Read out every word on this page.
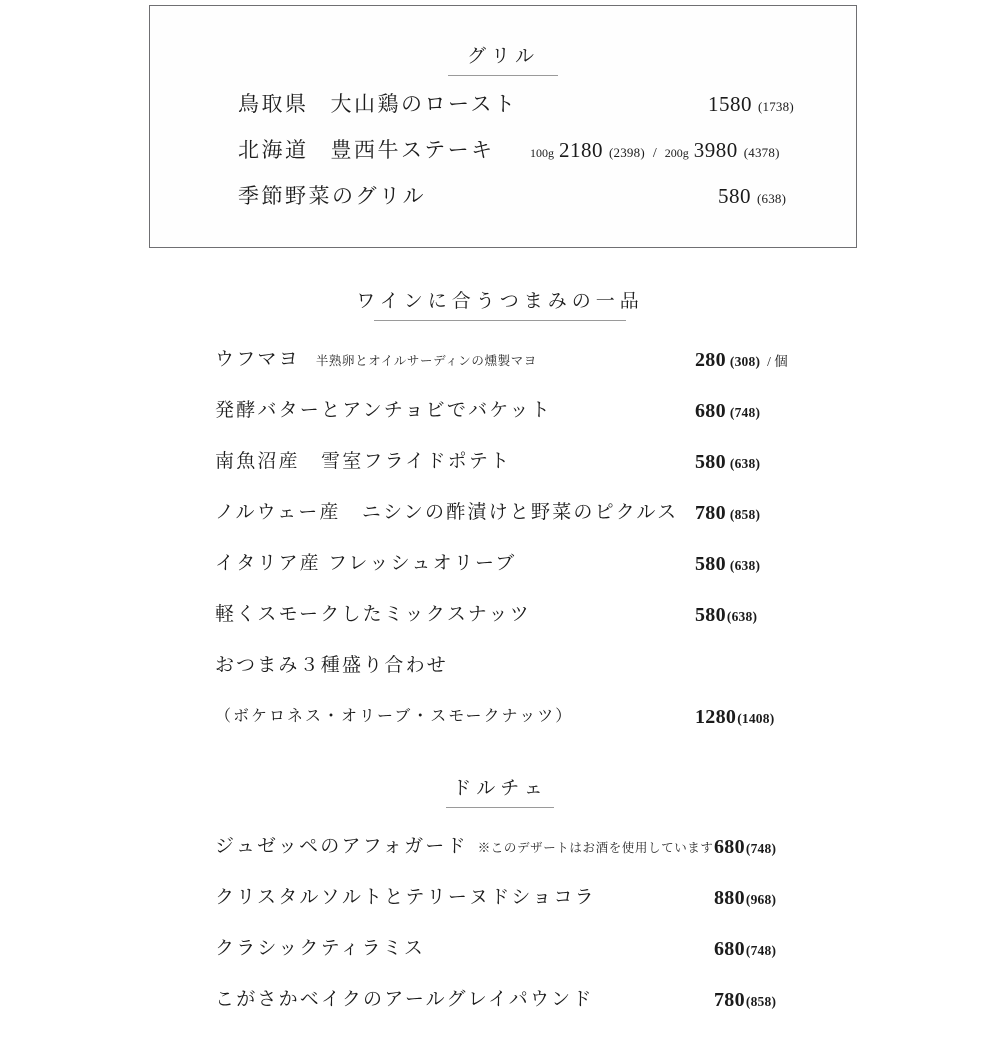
グリル
鳥取県 大山鶏のロースト	1580 (1738)
北海道 豊西牛ステーキ	100g 2180 (2398) / 200g 3980 (4378)
季節野菜のグリル	580 (638)
ワインに合うつまみの一品
ウフマヨ 半熟卵とオイルサーディンの燻製マヨ	280 (308) / 個
発酵バターとアンチョビでバケット	680 (748)
南魚沼産　雪室フライドポテト	580 (638)
ノルウェー産　ニシンの酢漬けと野菜のピクルス 780 (858)
イタリア産 フレッシュオリーブ	580 (638)
軽くスモークしたミックスナッツ	580(638)
おつまみ３種盛り合わせ
（ボケロネス・オリーブ・スモークナッツ）	1280(1408)
ドルチェ
ジュゼッペのアフォガード ※このデザートはお酒を使用しています 680(748)
クリスタルソルトとテリーヌドショコラ	880(968)
クラシックティラミス	680(748)
こがさかベイクのアールグレイパウンド	780(858)
